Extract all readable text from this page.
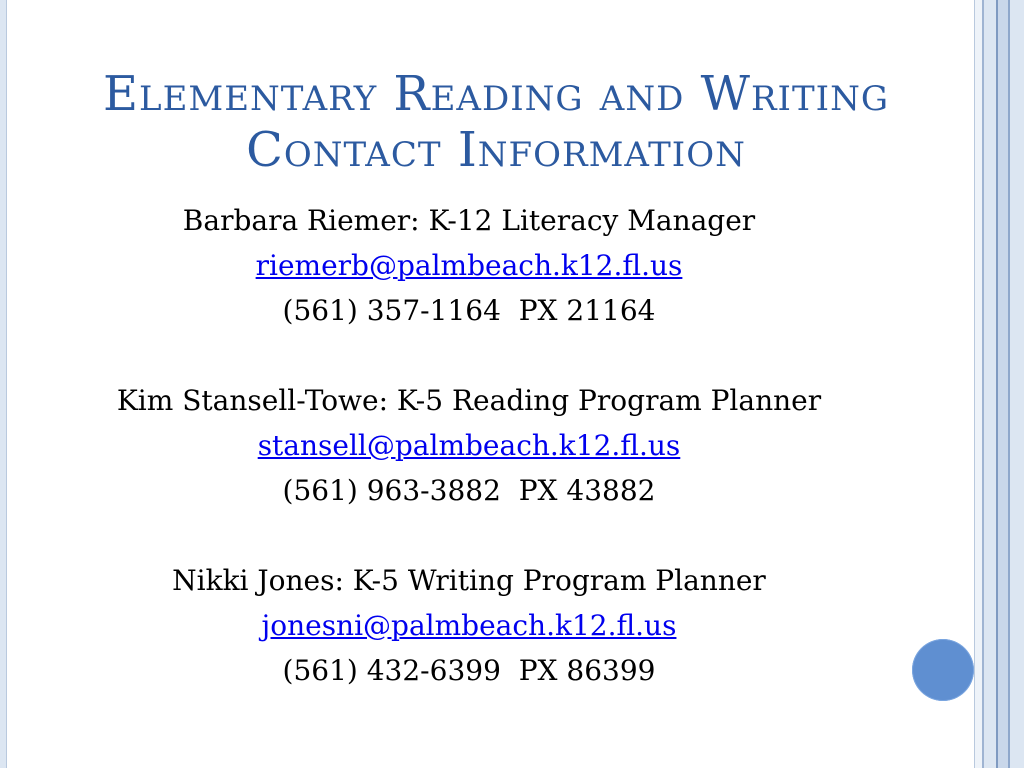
Elementary Reading and Writing
Contact Information
Barbara Riemer: K-12 Literacy Manager
riemerb@palmbeach.k12.fl.us
(561) 357-1164  PX 21164
Kim Stansell-Towe: K-5 Reading Program Planner
stansell@palmbeach.k12.fl.us
(561) 963-3882  PX 43882
Nikki Jones: K-5 Writing Program Planner
jonesni@palmbeach.k12.fl.us
(561) 432-6399  PX 86399
